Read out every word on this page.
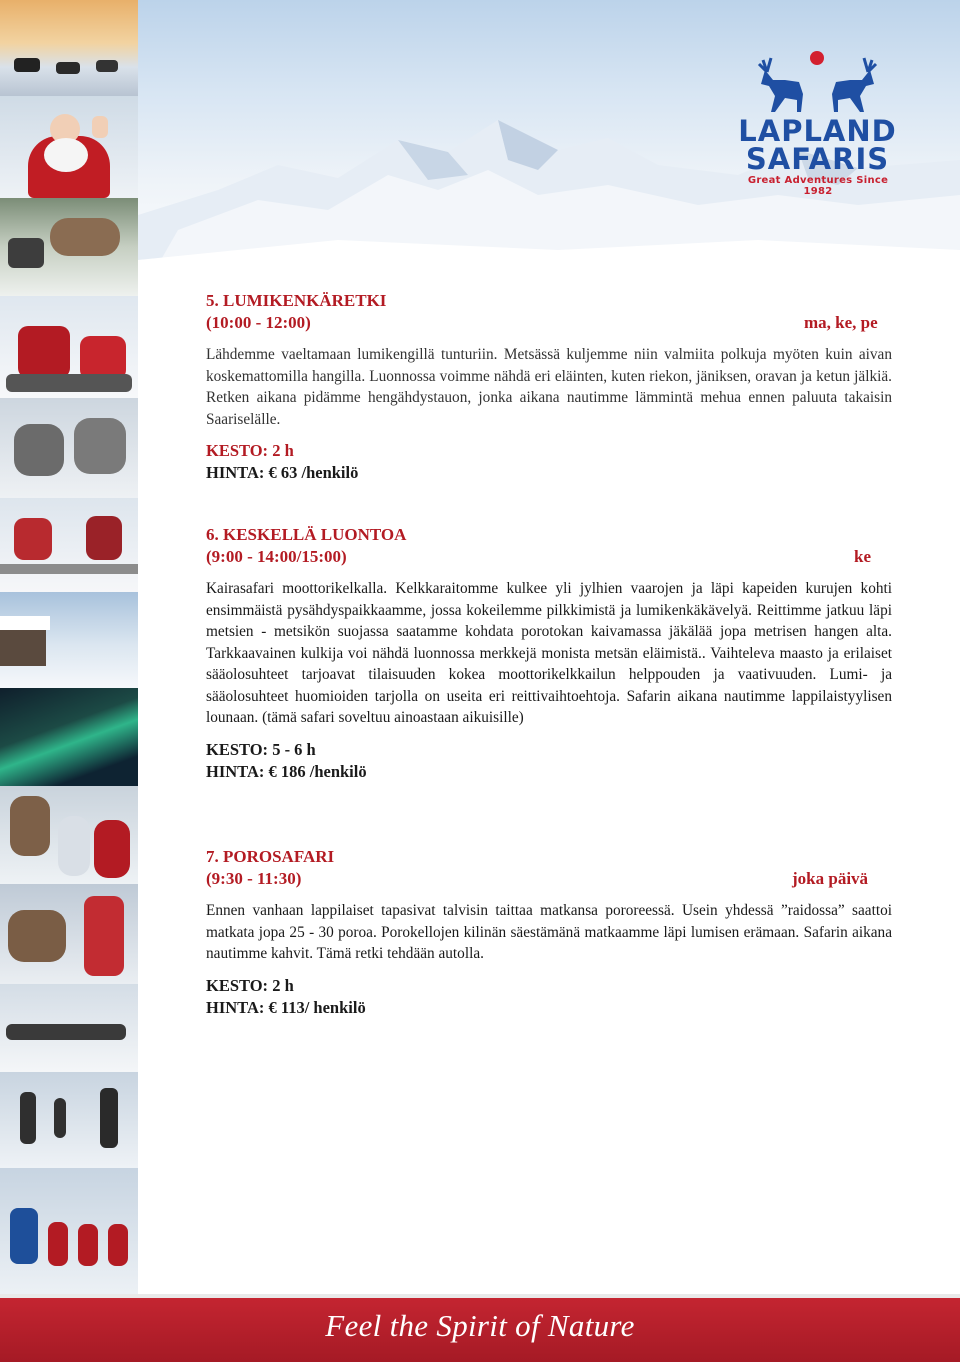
LAPLAND
SAFARIS
Great Adventures Since 1982
5. LUMIKENKÄRETKI
(10:00 - 12:00)	ma, ke, pe

Lähdemme vaeltamaan lumikengillä tunturiin. Metsässä kuljemme niin valmiita polkuja myöten kuin aivan koskemattomilla hangilla. Luonnossa voimme nähdä eri eläinten, kuten riekon, jäniksen, oravan ja ketun jälkiä. Retken aikana pidämme hengähdystauon, jonka aikana nautimme lämmintä mehua ennen paluuta takaisin Saariselälle.

KESTO: 2 h
HINTA: € 63 /henkilö
6. KESKELLÄ LUONTOA
(9:00 - 14:00/15:00)	ke

Kairasafari moottorikelkalla. Kelkkaraitomme kulkee yli jylhien vaarojen ja läpi kapeiden kurujen kohti ensimmäistä pysähdyspaikkaamme, jossa kokeilemme pilkkimistä ja lumikenkäkävelyä. Reittimme jatkuu läpi metsien - metsikön suojassa saatamme kohdata porotokan kaivamassa jäkälää jopa metrisen hangen alta. Tarkkaavainen kulkija voi nähdä luonnossa merkkejä monista metsän eläimistä.. Vaihteleva maasto ja erilaiset sääolosuhteet tarjoavat tilaisuuden kokea moottorikelkkailun helppouden ja vaativuuden. Lumi- ja sääolosuhteet huomioiden tarjolla on useita eri reittivaihtoehtoja. Safarin aikana nautimme lappilaistyylisen lounaan. (tämä safari soveltuu ainoastaan aikuisille)

KESTO: 5 - 6 h
HINTA: € 186 /henkilö
7. POROSAFARI
(9:30 - 11:30)	joka päivä

Ennen vanhaan lappilaiset tapasivat talvisin taittaa matkansa pororeessä. Usein yhdessä ”raidossa” saattoi matkata jopa 25 - 30 poroa. Porokellojen kilinän säestämänä matkaamme läpi lumisen erämaan. Safarin aikana nautimme kahvit. Tämä retki tehdään autolla.

KESTO: 2 h
HINTA: € 113/ henkilö
Feel the Spirit of Nature
